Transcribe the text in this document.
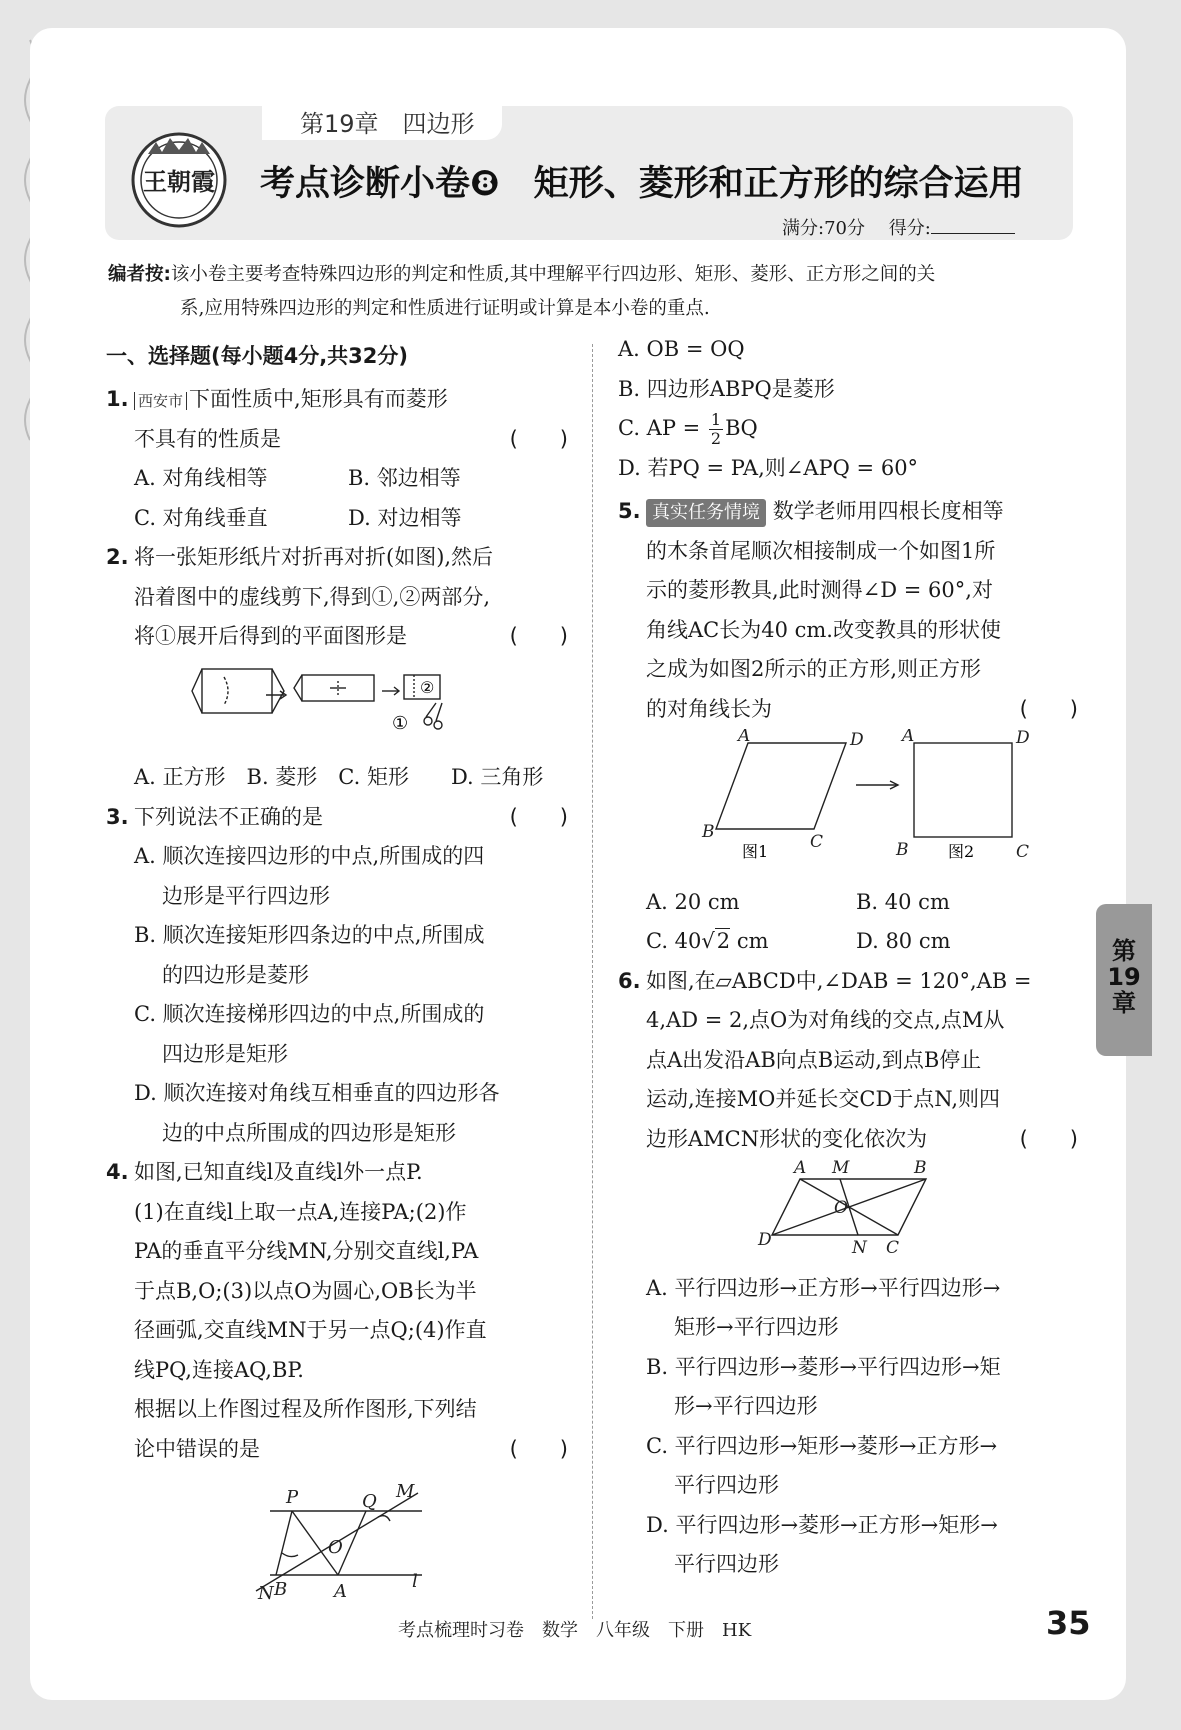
第19章　四边形
王朝霞 考点诊断小卷❽ 矩形、菱形和正方形的综合运用
满分:70分　 得分:
编者按:该小卷主要考查特殊四边形的判定和性质,其中理解平行四边形、矩形、菱形、正方形之间的关
系,应用特殊四边形的判定和性质进行证明或计算是本小卷的重点.
一、选择题(每小题4分,共32分)
1. 西安市 下面性质中,矩形具有而菱形
不具有的性质是	(　　)
A. 对角线相等	B. 邻边相等
C. 对角线垂直	D. 对边相等
2. 将一张矩形纸片对折再对折(如图),然后
沿着图中的虚线剪下,得到①,②两部分,
将①展开后得到的平面图形是	(　　)
①
②
A. 正方形　B. 菱形　C. 矩形　　D. 三角形
3. 下列说法不正确的是	(　　)
A. 顺次连接四边形的中点,所围成的四
边形是平行四边形
B. 顺次连接矩形四条边的中点,所围成
的四边形是菱形
C. 顺次连接梯形四边的中点,所围成的
四边形是矩形
D. 顺次连接对角线互相垂直的四边形各
边的中点所围成的四边形是矩形
4. 如图,已知直线l及直线l外一点P.
(1)在直线l上取一点A,连接PA;(2)作
PA的垂直平分线MN,分别交直线l,PA
于点B,O;(3)以点O为圆心,OB长为半
径画弧,交直线MN于另一点Q;(4)作直
线PQ,连接AQ,BP.
根据以上作图过程及所作图形,下列结
论中错误的是	(　　)
P	Q M
O
N B	A	l
A. OB = OQ
B. 四边形ABPQ是菱形
C. AP = $\frac{1}{2}$ BQ
D. 若PQ = PA,则∠APQ = 60°
5. 真实任务情境 数学老师用四根长度相等
的木条首尾顺次相接制成一个如图1所
示的菱形教具,此时测得∠D = 60°,对
角线AC长为40 cm.改变教具的形状使
之成为如图2所示的正方形,则正方形
的对角线长为	(　　)
A	D
B	C
A	D
B	C
图1	图2
A. 20 cm	B. 40 cm
C. 40√2 cm	D. 80 cm
6. 如图,在▱ABCD中,∠DAB = 120°,AB =
4,AD = 2,点O为对角线的交点,点M从
点A出发沿AB向点B运动,到点B停止
运动,连接MO并延长交CD于点N,则四
边形AMCN形状的变化依次为	(　　)
A M	B
O
D	N C
A. 平行四边形→正方形→平行四边形→
矩形→平行四边形
B. 平行四边形→菱形→平行四边形→矩
形→平行四边形
C. 平行四边形→矩形→菱形→正方形→
平行四边形
D. 平行四边形→菱形→正方形→矩形→
平行四边形
第
19
章
考点梳理时习卷　数学　八年级　下册　HK	35
